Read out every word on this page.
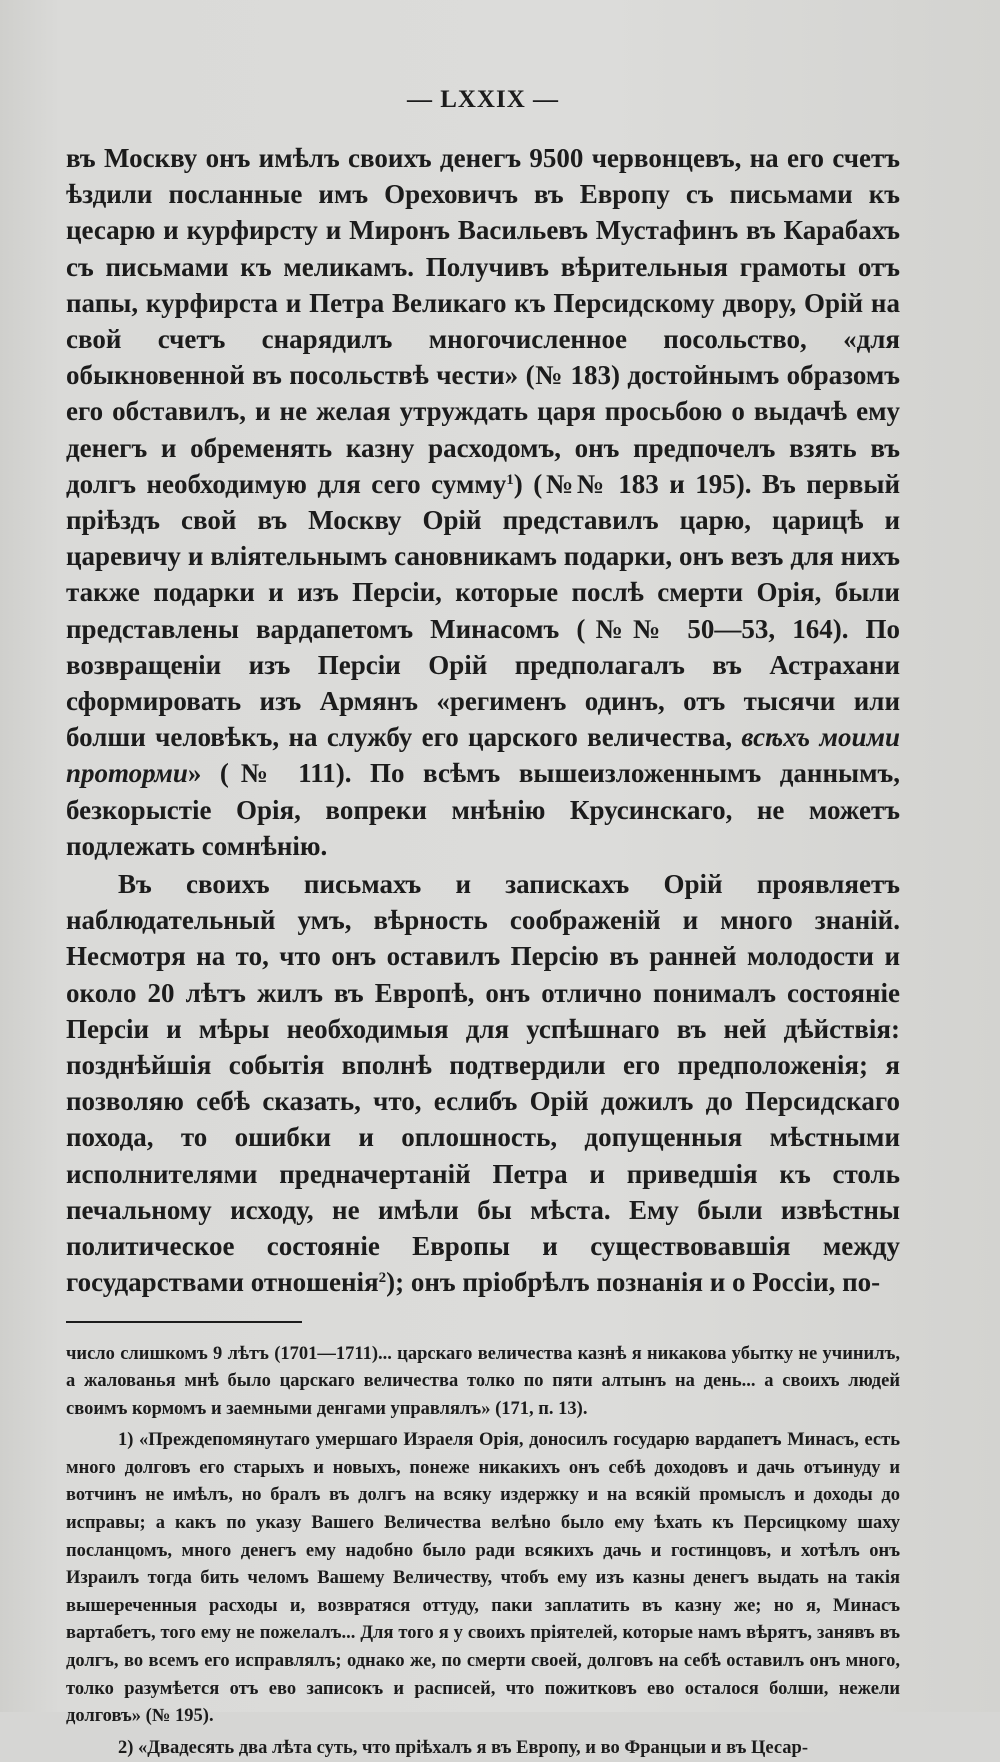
— LXXIX —

въ Москву онъ имѣлъ своихъ денегъ 9500 червонцевъ, на его счетъ ѣздили посланные имъ Ореховичъ въ Европу съ письмами къ цесарю и курфирсту и Миронъ Васильевъ Мустафинъ въ Карабахъ съ письмами къ меликамъ. Получивъ вѣрительныя грамоты отъ папы, курфирста и Петра Великаго къ Персидскому двору, Орій на свой счетъ снарядилъ многочисленное посольство, «для обыкновенной въ посольствѣ чести» (№ 183) достойнымъ образомъ его обставилъ, и не желая утруждать царя просьбою о выдачѣ ему денегъ и обременять казну расходомъ, онъ предпочелъ взять въ долгъ необходимую для сего сумму$^1$) (№№ 183 и 195). Въ первый пріѣздъ свой въ Москву Орій представилъ царю, царицѣ и царевичу и вліятельнымъ сановникамъ подарки, онъ везъ для нихъ также подарки и изъ Персіи, которые послѣ смерти Орія, были представлены вардапетомъ Минасомъ (№№ 50—53, 164). По возвращеніи изъ Персіи Орій предполагалъ въ Астрахани сформировать изъ Армянъ «регименъ одинъ, отъ тысячи или болши человѣкъ, на службу его царского величества, всѣхъ моими проторми» (№ 111). По всѣмъ вышеизложеннымъ даннымъ, безкорыстіе Орія, вопреки мнѣнію Крусинскаго, не можетъ подлежать сомнѣнію.

Въ своихъ письмахъ и запискахъ Орій проявляетъ наблюдательный умъ, вѣрность соображеній и много знаній. Несмотря на то, что онъ оставилъ Персію въ ранней молодости и около 20 лѣтъ жилъ въ Европѣ, онъ отлично понималъ состояніе Персіи и мѣры необходимыя для успѣшнаго въ ней дѣйствія: позднѣйшія событія вполнѣ подтвердили его предположенія; я позволяю себѣ сказать, что, еслибъ Орій дожилъ до Персидскаго похода, то ошибки и оплошность, допущенныя мѣстными исполнителями предначертаній Петра и приведшія къ столь печальному исходу, не имѣли бы мѣста. Ему были извѣстны политическое состояніе Европы и существовавшія между государствами отношенія$^2$); онъ пріобрѣлъ познанія и о Россіи, по-

число слишкомъ 9 лѣтъ (1701—1711)... царскаго величества казнѣ я никакова убытку не учинилъ, а жалованья мнѣ было царскаго величества толко по пяти алтынъ на день... а своихъ людей своимъ кормомъ и заемными денгами управлялъ» (171, п. 13).

1) «Преждепомянутаго умершаго Израеля Орія, доносилъ государю вардапетъ Минасъ, есть много долговъ его старыхъ и новыхъ, понеже никакихъ онъ себѣ доходовъ и дачь отъинуду и вотчинъ не имѣлъ, но бралъ въ долгъ на всяку издержку и на всякій промыслъ и доходы до исправы; а какъ по указу Вашего Величества велѣно было ему ѣхать къ Персицкому шаху посланцомъ, много денегъ ему надобно было ради всякихъ дачь и гостинцовъ, и хотѣлъ онъ Израилъ тогда бить челомъ Вашему Величеству, чтобъ ему изъ казны денегъ выдать на такія вышереченныя расходы и, возвратяся оттуду, паки заплатить въ казну же; но я, Минасъ вартабетъ, того ему не пожелалъ... Для того я у своихъ пріятелей, которые намъ вѣрятъ, занявъ въ долгъ, во всемъ его исправлялъ; однако же, по смерти своей, долговъ на себѣ оставилъ онъ много, толко разумѣется отъ ево записокъ и расписей, что пожитковъ ево осталося болши, нежели долговъ» (№ 195).

2) «Двадесять два лѣта суть, что пріѣхалъ я въ Европу, и во Францыи и въ Цесар-
